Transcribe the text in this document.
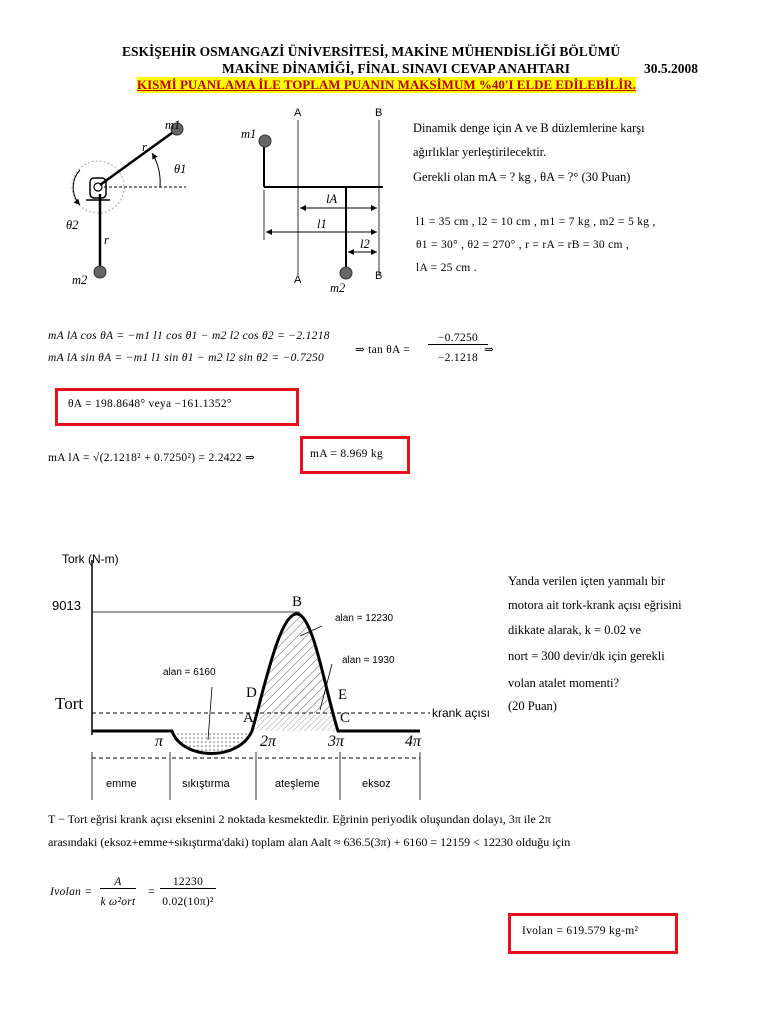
ESKİŞEHİR OSMANGAZİ ÜNİVERSİTESİ, MAKİNE MÜHENDİSLİĞİ BÖLÜMÜ
MAKİNE DİNAMİĞİ, FİNAL SINAVI CEVAP ANAHTARI	30.5.2008
KISMİ PUANLAMA İLE TOPLAM PUANIN MAKSİMUM %40'I ELDE EDİLEBİLİR.
m1
r
θ1
θ2
r
m2
A	B
A	B
m1
m2
lA
l1
l2
Dinamik denge için A ve B düzlemlerine karşı
ağırlıklar yerleştirilecektir.
Gerekli olan mA = ? kg , θA = ?° (30 Puan)
l1 = 35 cm , l2 = 10 cm , m1 = 7 kg , m2 = 5 kg ,
θ1 = 30° , θ2 = 270° , r = rA = rB = 30 cm ,
lA = 25 cm .
mA lA cos θA = −m1 l1 cos θ1 − m2 l2 cos θ2 = −2.1218
mA lA sin θA = −m1 l1 sin θ1 − m2 l2 sin θ2 = −0.7250
⇒ tan θA =
−0.7250
−2.1218
⇒
θA = 198.8648° veya −161.1352°
mA lA = √(2.1218² + 0.7250²) = 2.2422 ⇒	mA = 8.969 kg
Tork (N-m)
9013
Tort	krank açısı
B
D	E
A	C
π	2π	3π	4π
alan = 12230
alan = 1930
alan = 6160
emme	sıkıştırma	ateşleme	eksoz
Yanda verilen içten yanmalı bir
motora ait tork-krank açısı eğrisini
dikkate alarak, k = 0.02 ve
nort = 300 devir/dk için gerekli
volan atalet momenti?
(20 Puan)
T − Tort eğrisi krank açısı eksenini 2 noktada kesmektedir. Eğrinin periyodik oluşundan dolayı, 3π ile 2π
arasındaki (eksoz+emme+sıkıştırma'daki) toplam alan Aalt ≈ 636.5(3π) + 6160 = 12159 < 12230 olduğu için
Ivolan =
A
k ω²ort
=
12230
0.02(10π)²
Ivolan = 619.579 kg-m²
